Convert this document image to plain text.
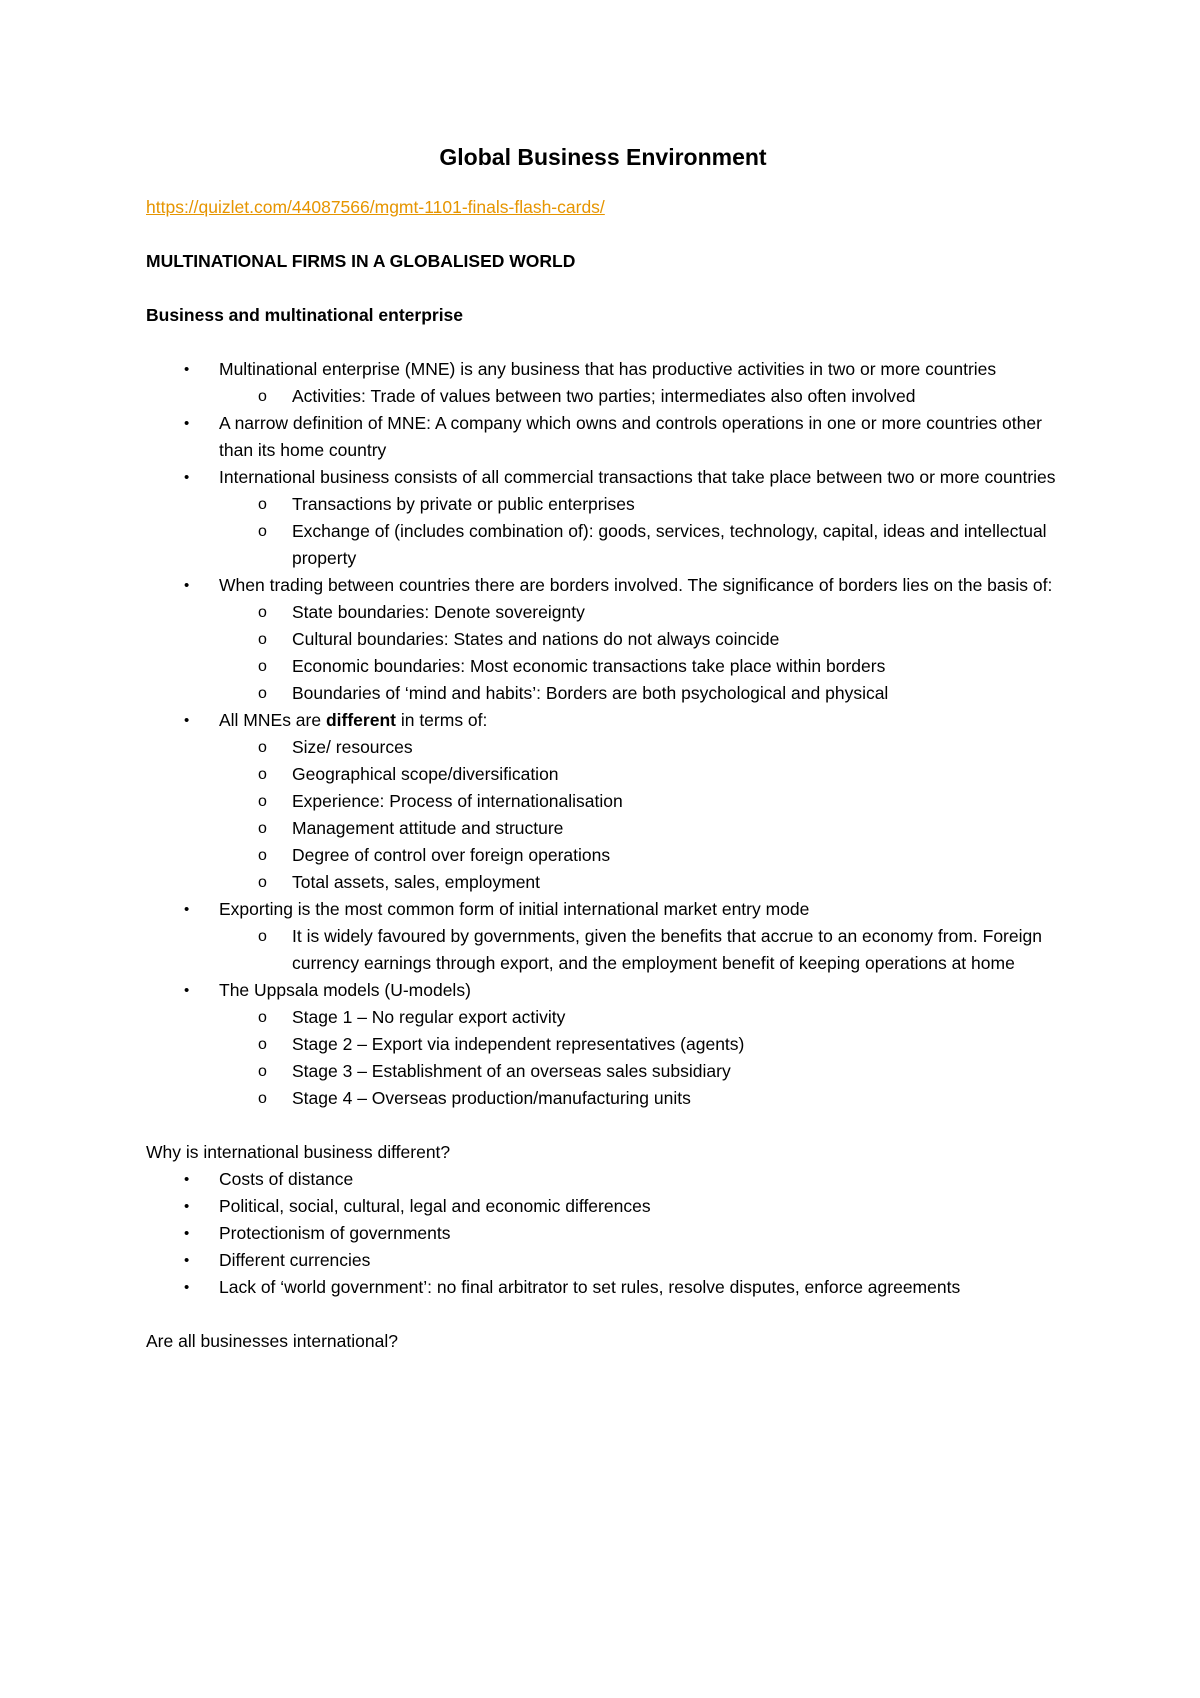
Global Business Environment
https://quizlet.com/44087566/mgmt-1101-finals-flash-cards/
MULTINATIONAL FIRMS IN A GLOBALISED WORLD
Business and multinational enterprise
• Multinational enterprise (MNE) is any business that has productive activities in two or more countries
o Activities: Trade of values between two parties; intermediates also often involved
• A narrow definition of MNE: A company which owns and controls operations in one or more countries other than its home country
• International business consists of all commercial transactions that take place between two or more countries
o Transactions by private or public enterprises
o Exchange of (includes combination of): goods, services, technology, capital, ideas and intellectual property
• When trading between countries there are borders involved. The significance of borders lies on the basis of:
o State boundaries: Denote sovereignty
o Cultural boundaries: States and nations do not always coincide
o Economic boundaries: Most economic transactions take place within borders
o Boundaries of ‘mind and habits’: Borders are both psychological and physical
• All MNEs are different in terms of:
o Size/ resources
o Geographical scope/diversification
o Experience: Process of internationalisation
o Management attitude and structure
o Degree of control over foreign operations
o Total assets, sales, employment
• Exporting is the most common form of initial international market entry mode
o It is widely favoured by governments, given the benefits that accrue to an economy from. Foreign currency earnings through export, and the employment benefit of keeping operations at home
• The Uppsala models (U-models)
o Stage 1 – No regular export activity
o Stage 2 – Export via independent representatives (agents)
o Stage 3 – Establishment of an overseas sales subsidiary
o Stage 4 – Overseas production/manufacturing units
Why is international business different?
• Costs of distance
• Political, social, cultural, legal and economic differences
• Protectionism of governments
• Different currencies
• Lack of ‘world government’: no final arbitrator to set rules, resolve disputes, enforce agreements
Are all businesses international?
